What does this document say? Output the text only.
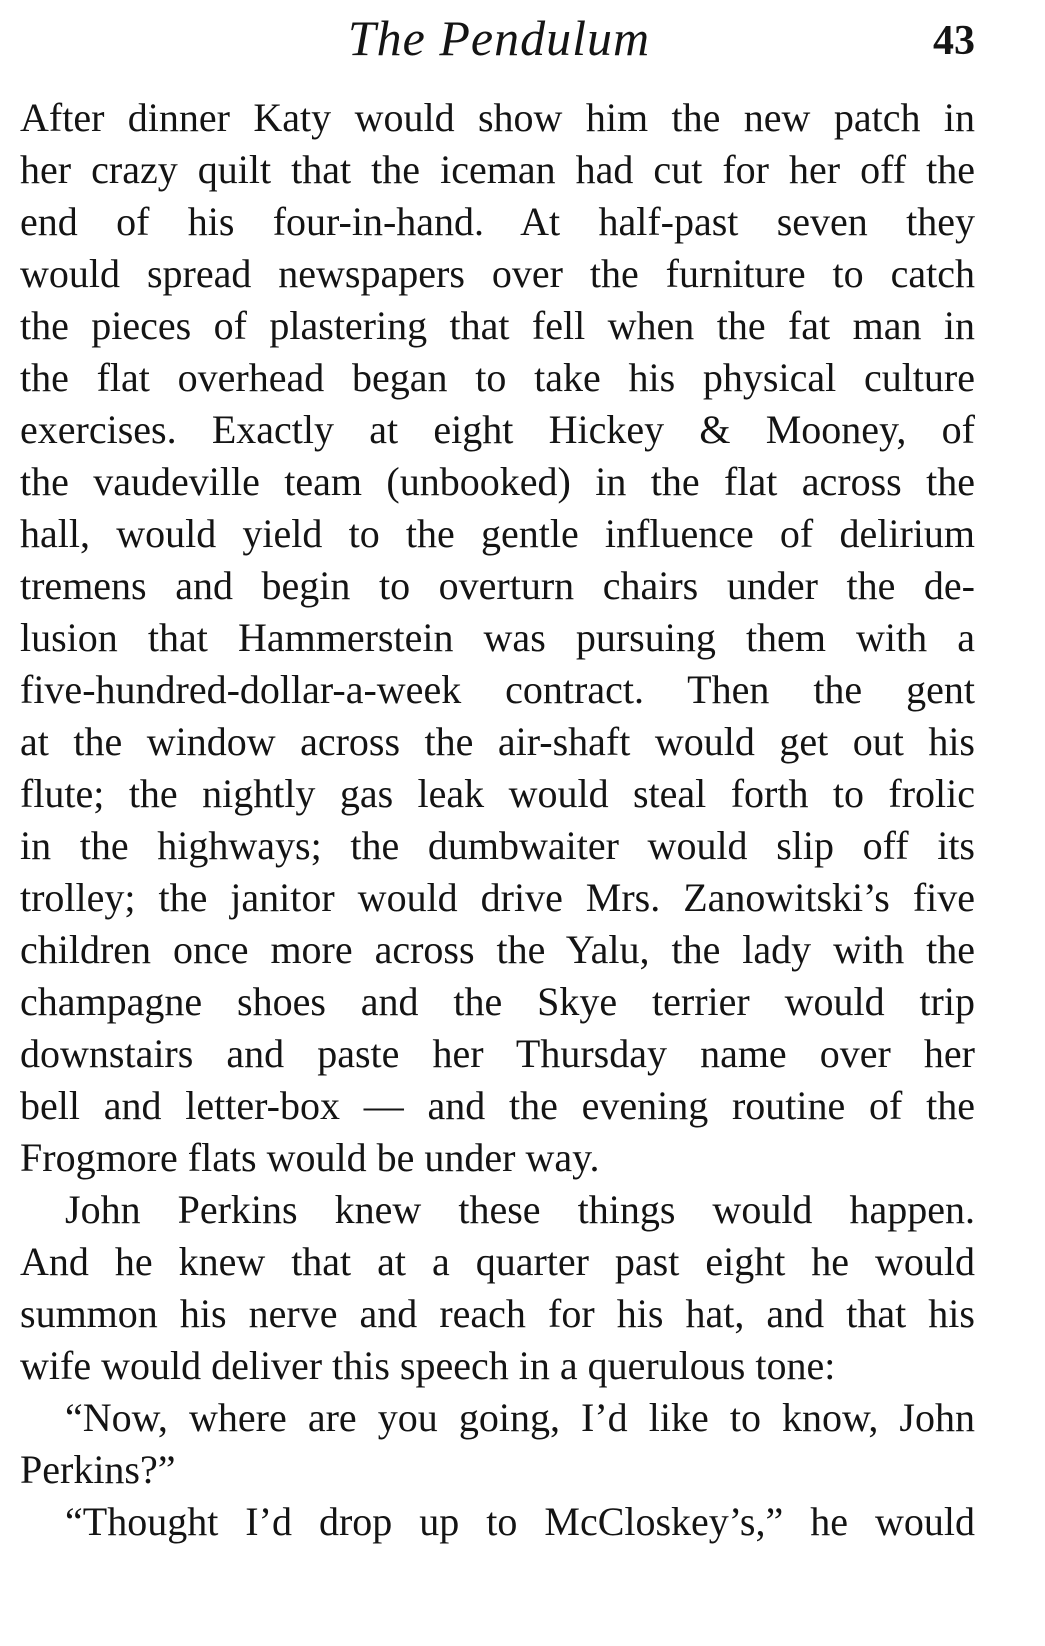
The Pendulum	43
After dinner Katy would show him the new patch in
her crazy quilt that the iceman had cut for her off the
end of his four-in-hand. At half-past seven they
would spread newspapers over the furniture to catch
the pieces of plastering that fell when the fat man in
the flat overhead began to take his physical culture
exercises. Exactly at eight Hickey & Mooney, of
the vaudeville team (unbooked) in the flat across the
hall, would yield to the gentle influence of delirium
tremens and begin to overturn chairs under the de-
lusion that Hammerstein was pursuing them with a
five-hundred-dollar-a-week contract. Then the gent
at the window across the air-shaft would get out his
flute; the nightly gas leak would steal forth to frolic
in the highways; the dumbwaiter would slip off its
trolley; the janitor would drive Mrs. Zanowitski’s five
children once more across the Yalu, the lady with the
champagne shoes and the Skye terrier would trip
downstairs and paste her Thursday name over her
bell and letter-box — and the evening routine of the
Frogmore flats would be under way.
John Perkins knew these things would happen.
And he knew that at a quarter past eight he would
summon his nerve and reach for his hat, and that his
wife would deliver this speech in a querulous tone:
“Now, where are you going, I’d like to know, John
Perkins?”
“Thought I’d drop up to McCloskey’s,” he would
